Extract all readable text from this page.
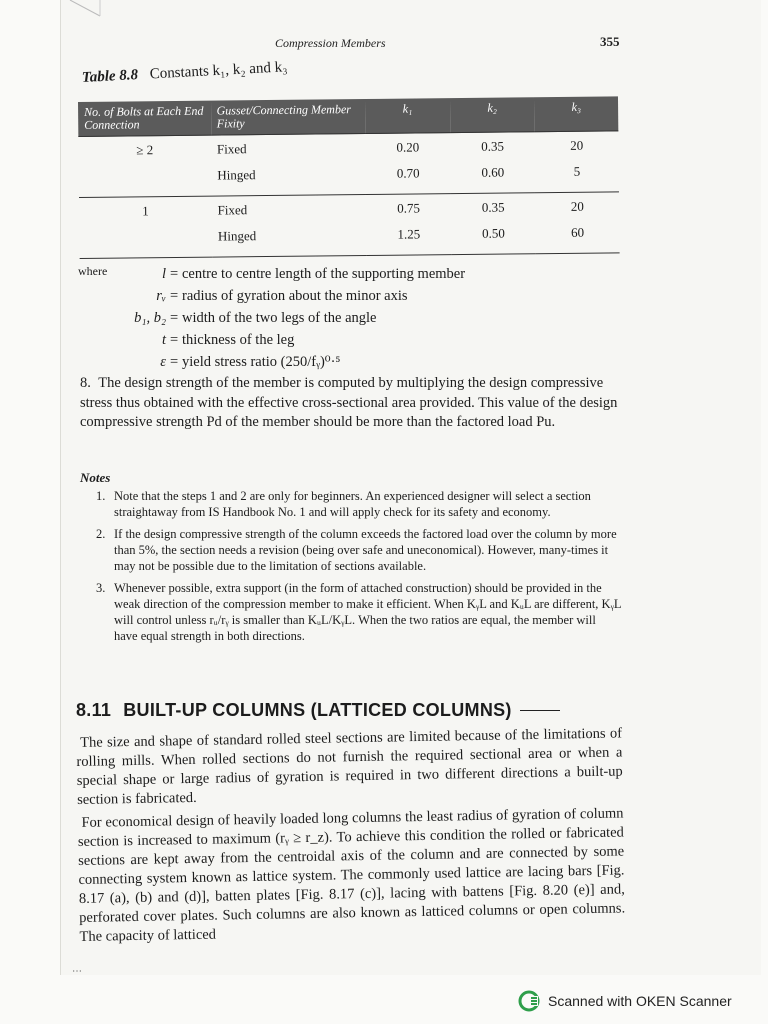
Compression Members	355
Table 8.8 Constants k₁, k₂ and k₃
No. of Bolts at Each End Connection	Gusset/Connecting Member Fixity	k₁	k₂	k₃
≥ 2	Fixed	0.20	0.35	20
	Hinged	0.70	0.60	5
1	Fixed	0.75	0.35	20
	Hinged	1.25	0.50	60
where	l = centre to centre length of the supporting member
rᵥ = radius of gyration about the minor axis
b₁, b₂ = width of the two legs of the angle
t = thickness of the leg
ε = yield stress ratio (250/fᵧ)⁰·⁵
8. The design strength of the member is computed by multiplying the design compressive stress thus obtained with the effective cross-sectional area provided. This value of the design compressive strength Pd of the member should be more than the factored load Pu.
Notes
1. Note that the steps 1 and 2 are only for beginners. An experienced designer will select a section straightaway from IS Handbook No. 1 and will apply check for its safety and economy.
2. If the design compressive strength of the column exceeds the factored load over the column by more than 5%, the section needs a revision (being over safe and uneconomical). However, many-times it may not be possible due to the limitation of sections available.
3. Whenever possible, extra support (in the form of attached construction) should be provided in the weak direction of the compression member to make it efficient. When KᵧL and KᵤL are different, KᵧL will control unless rᵤ/rᵧ is smaller than KᵤL/KᵧL. When the two ratios are equal, the member will have equal strength in both directions.
8.11 BUILT-UP COLUMNS (LATTICED COLUMNS)

The size and shape of standard rolled steel sections are limited because of the limitations of rolling mills. When rolled sections do not furnish the required sectional area or when a special shape or large radius of gyration is required in two different directions a built-up section is fabricated.

For economical design of heavily loaded long columns the least radius of gyration of column section is increased to maximum (rᵧ ≥ r_z). To achieve this condition the rolled or fabricated sections are kept away from the centroidal axis of the column and are connected by some connecting system known as lattice system. The commonly used lattice are lacing bars [Fig. 8.17 (a), (b) and (d)], batten plates [Fig. 8.17 (c)], lacing with battens [Fig. 8.20 (e)] and, perforated cover plates. Such columns are also known as latticed columns or open columns. The capacity of latticed

⋯
Scanned with OKEN Scanner
